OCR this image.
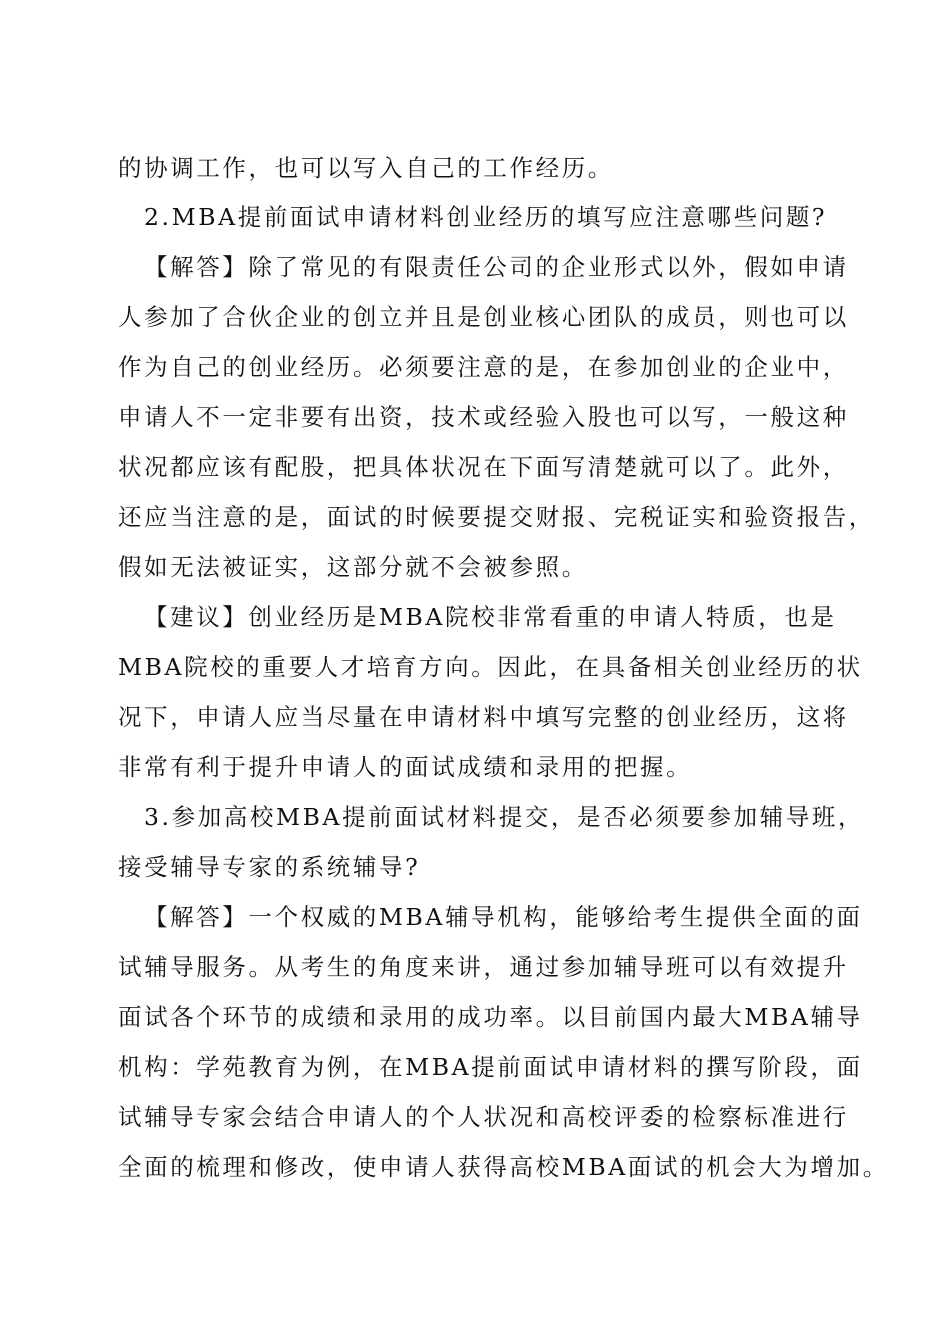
的协调工作，也可以写入自己的工作经历。
2.MBA提前面试申请材料创业经历的填写应注意哪些问题?
【解答】除了常见的有限责任公司的企业形式以外，假如申请
人参加了合伙企业的创立并且是创业核心团队的成员，则也可以
作为自己的创业经历。必须要注意的是，在参加创业的企业中，
申请人不一定非要有出资，技术或经验入股也可以写，一般这种
状况都应该有配股，把具体状况在下面写清楚就可以了。此外，
还应当注意的是，面试的时候要提交财报、完税证实和验资报告，
假如无法被证实，这部分就不会被参照。
【建议】创业经历是MBA院校非常看重的申请人特质，也是
MBA院校的重要人才培育方向。因此，在具备相关创业经历的状
况下，申请人应当尽量在申请材料中填写完整的创业经历，这将
非常有利于提升申请人的面试成绩和录用的把握。
3.参加高校MBA提前面试材料提交，是否必须要参加辅导班，
接受辅导专家的系统辅导?
【解答】一个权威的MBA辅导机构，能够给考生提供全面的面
试辅导服务。从考生的角度来讲，通过参加辅导班可以有效提升
面试各个环节的成绩和录用的成功率。以目前国内最大MBA辅导
机构：学苑教育为例，在MBA提前面试申请材料的撰写阶段，面
试辅导专家会结合申请人的个人状况和高校评委的检察标准进行
全面的梳理和修改，使申请人获得高校MBA面试的机会大为增加。
